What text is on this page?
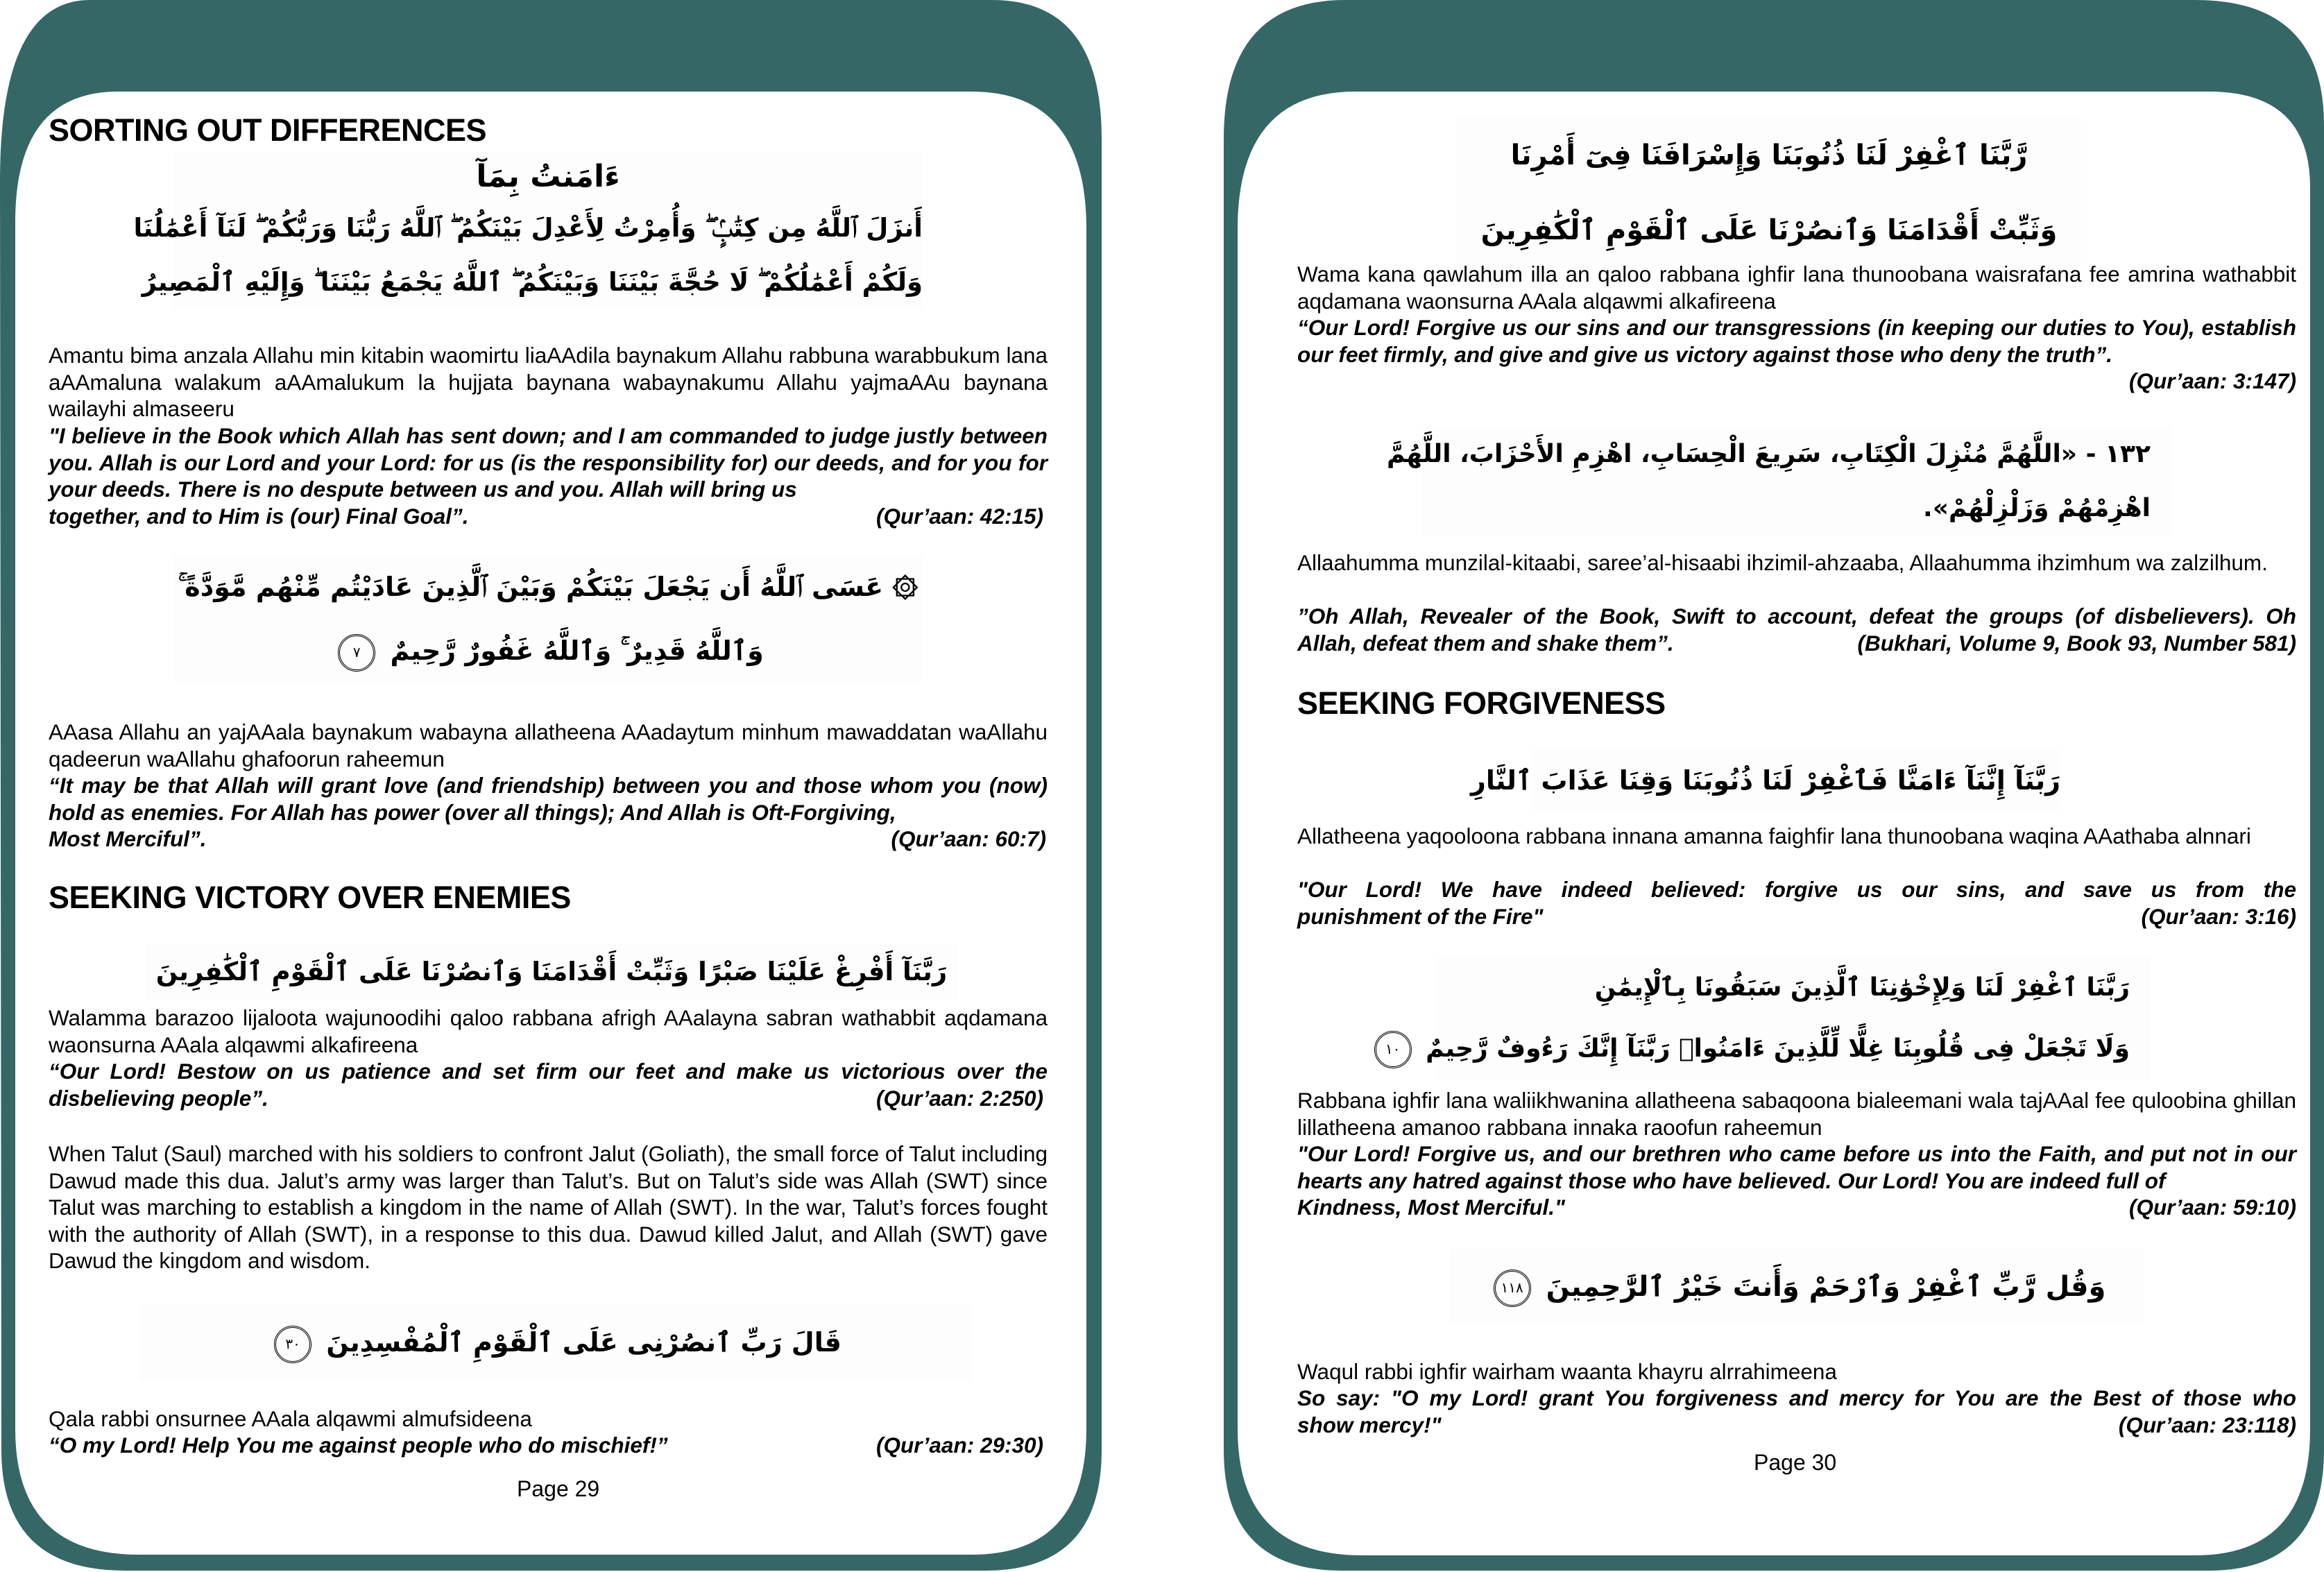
SORTING OUT DIFFERENCES
ءَامَنتُ بِمَآ
أَنزَلَ ٱللَّهُ مِن كِتَٰبٍۢ ۖ وَأُمِرْتُ لِأَعْدِلَ بَيْنَكُمُ ۖ ٱللَّهُ رَبُّنَا وَرَبُّكُمْ ۖ لَنَآ أَعْمَٰلُنَا
وَلَكُمْ أَعْمَٰلُكُمْ ۖ لَا حُجَّةَ بَيْنَنَا وَبَيْنَكُمُ ۖ ٱللَّهُ يَجْمَعُ بَيْنَنَا ۖ وَإِلَيْهِ ٱلْمَصِيرُ
Amantu bima anzala Allahu min kitabin waomirtu liaAAdila baynakum Allahu rabbuna warabbukum lana aAAmaluna walakum aAAmalukum la hujjata baynana wabaynakumu Allahu yajmaAAu baynana wailayhi almaseeru
"I believe in the Book which Allah has sent down; and I am commanded to judge justly between you. Allah is our Lord and your Lord: for us (is the responsibility for) our deeds, and for you for your deeds. There is no despute between us and you. Allah will bring us
together, and to Him is (our) Final Goal”.	(Qur’aan: 42:15)
۞ عَسَى ٱللَّهُ أَن يَجْعَلَ بَيْنَكُمْ وَبَيْنَ ٱلَّذِينَ عَادَيْتُم مِّنْهُم مَّوَدَّةً ۚ
وَٱللَّهُ قَدِيرٌ ۚ وَٱللَّهُ غَفُورٌ رَّحِيمٌ ٧
AAasa Allahu an yajAAala baynakum wabayna allatheena AAadaytum minhum mawaddatan waAllahu qadeerun waAllahu ghafoorun raheemun
“It may be that Allah will grant love (and friendship) between you and those whom you (now) hold as enemies. For Allah has power (over all things); And Allah is Oft-Forgiving,
Most Merciful”.	(Qur’aan: 60:7)
SEEKING VICTORY OVER ENEMIES
رَبَّنَآ أَفْرِغْ عَلَيْنَا صَبْرًا وَثَبِّتْ أَقْدَامَنَا وَٱنصُرْنَا عَلَى ٱلْقَوْمِ ٱلْكَٰفِرِينَ
Walamma barazoo lijaloota wajunoodihi qaloo rabbana afrigh AAalayna sabran wathabbit aqdamana waonsurna AAala alqawmi alkafireena
“Our Lord! Bestow on us patience and set firm our feet and make us victorious over the
disbelieving people”.	(Qur’aan: 2:250)
When Talut (Saul) marched with his soldiers to confront Jalut (Goliath), the small force of Talut including Dawud made this dua. Jalut’s army was larger than Talut’s. But on Talut’s side was Allah (SWT) since Talut was marching to establish a kingdom in the name of Allah (SWT). In the war, Talut’s forces fought with the authority of Allah (SWT), in a response to this dua. Dawud killed Jalut, and Allah (SWT) gave Dawud the kingdom and wisdom.
قَالَ رَبِّ ٱنصُرْنِى عَلَى ٱلْقَوْمِ ٱلْمُفْسِدِينَ ٣٠
Qala rabbi onsurnee AAala alqawmi almufsideena
“O my Lord! Help You me against people who do mischief!”	(Qur’aan: 29:30)
Page 29
رَّبَّنَا ٱغْفِرْ لَنَا ذُنُوبَنَا وَإِسْرَافَنَا فِىٓ أَمْرِنَا
وَثَبِّتْ أَقْدَامَنَا وَٱنصُرْنَا عَلَى ٱلْقَوْمِ ٱلْكَٰفِرِينَ
Wama kana qawlahum illa an qaloo rabbana ighfir lana thunoobana waisrafana fee amrina wathabbit aqdamana waonsurna AAala alqawmi alkafireena
“Our Lord! Forgive us our sins and our transgressions (in keeping our duties to You), establish our feet firmly, and give and give us victory against those who deny the truth”.
(Qur’aan: 3:147)
١٣٢ - «اللَّهُمَّ مُنْزِلَ الْكِتَابِ، سَرِيعَ الْحِسَابِ، اهْزِمِ الأَحْزَابَ، اللَّهُمَّ
اهْزِمْهُمْ وَزَلْزِلْهُمْ».
Allaahumma munzilal-kitaabi, saree’al-hisaabi ihzimil-ahzaaba, Allaahumma ihzimhum wa zalzilhum.
”Oh Allah, Revealer of the Book, Swift to account, defeat the groups (of disbelievers). Oh
Allah, defeat them and shake them”.	(Bukhari, Volume 9, Book 93, Number 581)
SEEKING FORGIVENESS
رَبَّنَآ إِنَّنَآ ءَامَنَّا فَٱغْفِرْ لَنَا ذُنُوبَنَا وَقِنَا عَذَابَ ٱلنَّارِ
Allatheena yaqooloona rabbana innana amanna faighfir lana thunoobana waqina AAathaba alnnari
"Our Lord! We have indeed believed: forgive us our sins, and save us from the
punishment of the Fire"	(Qur’aan: 3:16)
رَبَّنَا ٱغْفِرْ لَنَا وَلِإِخْوَٰنِنَا ٱلَّذِينَ سَبَقُونَا بِٱلْإِيمَٰنِ
وَلَا تَجْعَلْ فِى قُلُوبِنَا غِلًّا لِّلَّذِينَ ءَامَنُوا۟ رَبَّنَآ إِنَّكَ رَءُوفٌ رَّحِيمٌ ١٠
Rabbana ighfir lana waliikhwanina allatheena sabaqoona bialeemani wala tajAAal fee quloobina ghillan lillatheena amanoo rabbana innaka raoofun raheemun
"Our Lord! Forgive us, and our brethren who came before us into the Faith, and put not in our hearts any hatred against those who have believed. Our Lord! You are indeed full of
Kindness, Most Merciful."	(Qur’aan: 59:10)
وَقُل رَّبِّ ٱغْفِرْ وَٱرْحَمْ وَأَنتَ خَيْرُ ٱلرَّٰحِمِينَ ١١٨
Waqul rabbi ighfir wairham waanta khayru alrrahimeena
So say: "O my Lord! grant You forgiveness and mercy for You are the Best of those who
show mercy!"	(Qur’aan: 23:118)
Page 30
